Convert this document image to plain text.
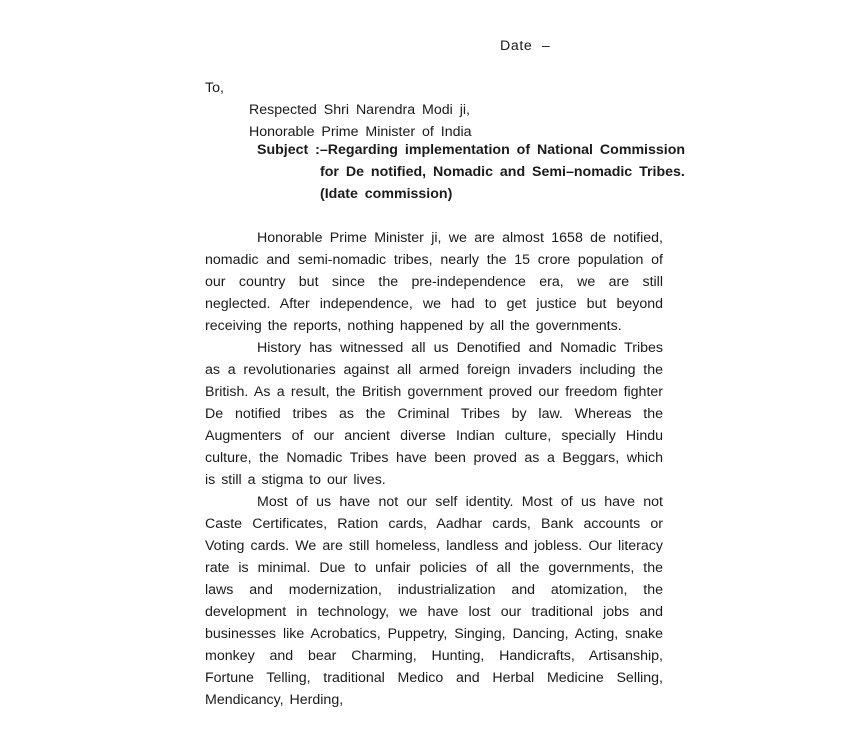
Date –
To,
Respected Shri Narendra Modi ji,
Honorable Prime Minister of India
Subject :–Regarding implementation of National Commission
for De notified, Nomadic and Semi–nomadic Tribes.
(Idate commission)

Honorable Prime Minister ji, we are almost 1658 de notified, nomadic and semi-nomadic tribes, nearly the 15 crore population of our country but since the pre-independence era, we are still neglected. After independence, we had to get justice but beyond receiving the reports, nothing happened by all the governments.

History has witnessed all us Denotified and Nomadic Tribes as a revolutionaries against all armed foreign invaders including the British. As a result, the British government proved our freedom fighter De notified tribes as the Criminal Tribes by law. Whereas the Augmenters of our ancient diverse Indian culture, specially Hindu culture, the Nomadic Tribes have been proved as a Beggars, which is still a stigma to our lives.

Most of us have not our self identity. Most of us have not Caste Certificates, Ration cards, Aadhar cards, Bank accounts or Voting cards. We are still homeless, landless and jobless. Our literacy rate is minimal. Due to unfair policies of all the governments, the laws and modernization, industrialization and atomization, the development in technology, we have lost our traditional jobs and businesses like Acrobatics, Puppetry, Singing, Dancing, Acting, snake monkey and bear Charming, Hunting, Handicrafts, Artisanship, Fortune Telling, traditional Medico and Herbal Medicine Selling, Mendicancy, Herding,
